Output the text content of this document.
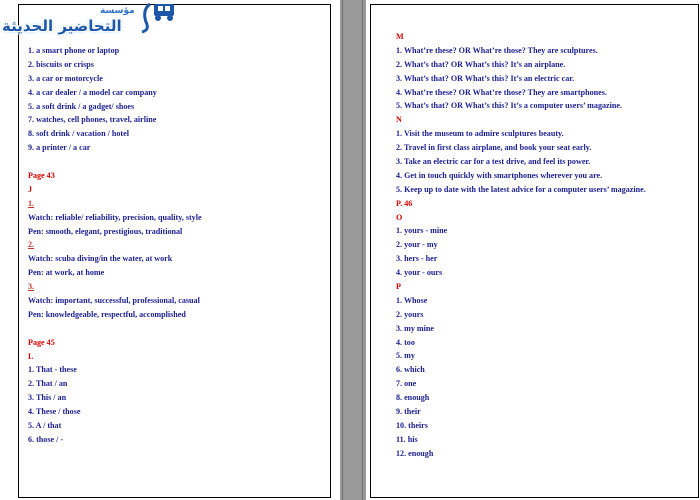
مؤسسة
التحاضير الحديثة
1. a smart phone or laptop
2. biscuits or crisps
3. a car or motorcycle
4. a car dealer / a model car company
5. a soft drink / a gadget/ shoes
7. watches, cell phones, travel, airline
8. soft drink / vacation / hotel
9. a printer / a car
Page 43
J
1.
Watch: reliable/ reliability, precision, quality, style
Pen: smooth, elegant, prestigious, traditional
2.
Watch: scuba diving/in the water, at work
Pen: at work, at home
3.
Watch: important, successful, professional, casual
Pen: knowledgeable, respectful, accomplished
Page 45
L
1. That - these
2. That / an
3. This / an
4. These / those
5. A / that
6. those / -
M
1. What’re these? OR What’re those? They are sculptures.
2. What’s that? OR What’s this? It’s an airplane.
3. What’s that? OR What’s this? It’s an electric car.
4. What’re these? OR What’re those? They are smartphones.
5. What’s that? OR What’s this? It’s a computer users’ magazine.
N
1. Visit the museum to admire sculptures beauty.
2. Travel in first class airplane, and book your seat early.
3. Take an electric car for a test drive, and feel its power.
4. Get in touch quickly with smartphones wherever you are.
5. Keep up to date with the latest advice for a computer users’ magazine.
P. 46
O
1. yours - mine
2. your - my
3. hers - her
4. your - ours
P
1. Whose
2. yours
3. my mine
4. too
5. my
6. which
7. one
8. enough
9. their
10. theirs
11. his
12. enough
